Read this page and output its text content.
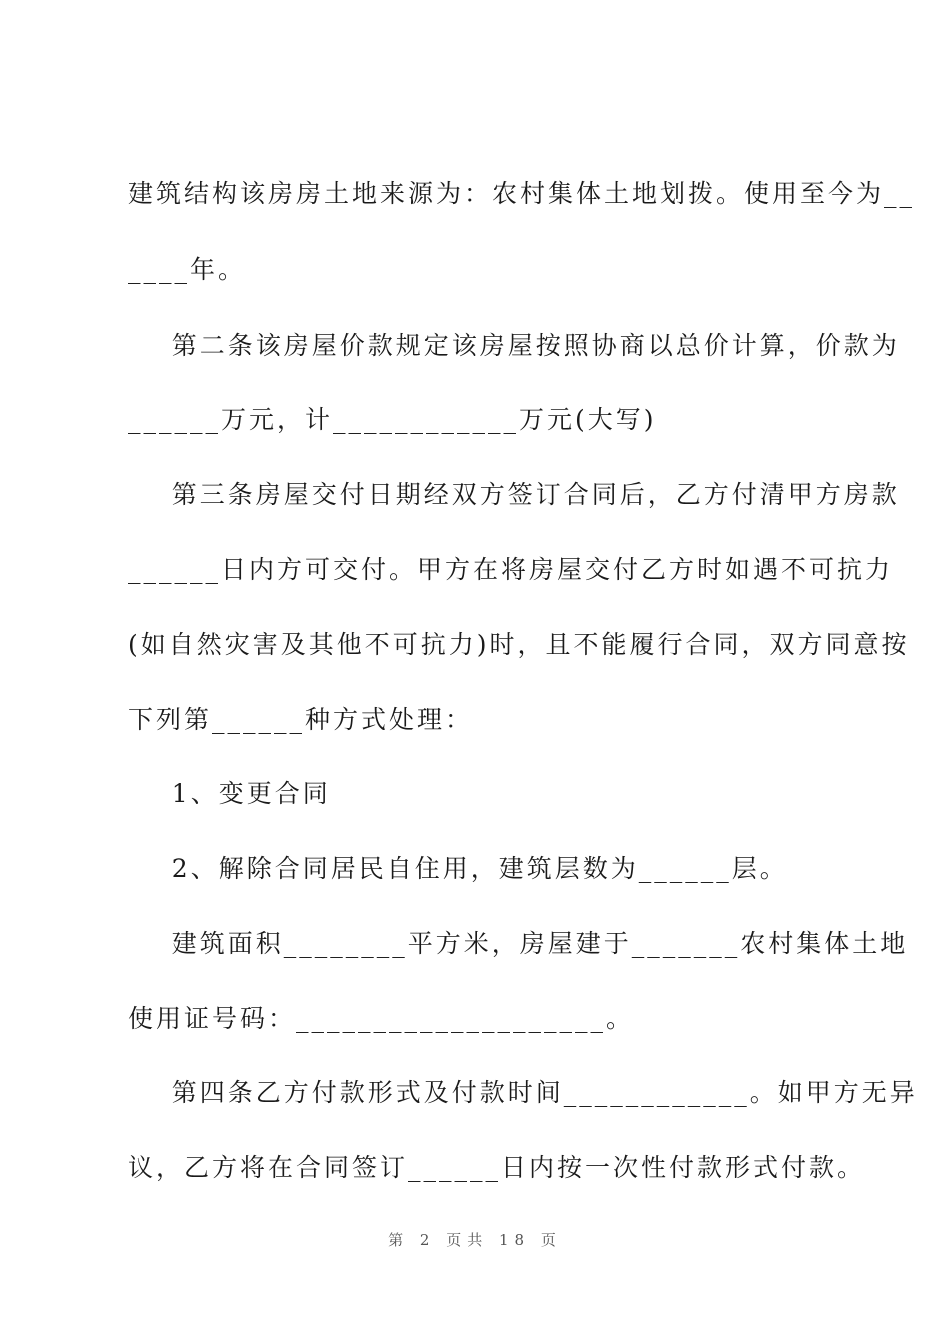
建筑结构该房房土地来源为：农村集体土地划拨。使用至今为__
____年。
第二条该房屋价款规定该房屋按照协商以总价计算，价款为
______万元，计____________万元(大写)
第三条房屋交付日期经双方签订合同后，乙方付清甲方房款
______日内方可交付。甲方在将房屋交付乙方时如遇不可抗力
(如自然灾害及其他不可抗力)时，且不能履行合同，双方同意按
下列第______种方式处理：
1、变更合同
2、解除合同居民自住用，建筑层数为______层。
建筑面积________平方米，房屋建于_______农村集体土地
使用证号码：____________________。
第四条乙方付款形式及付款时间____________。如甲方无异
议，乙方将在合同签订______日内按一次性付款形式付款。
第 2 页共 18 页
